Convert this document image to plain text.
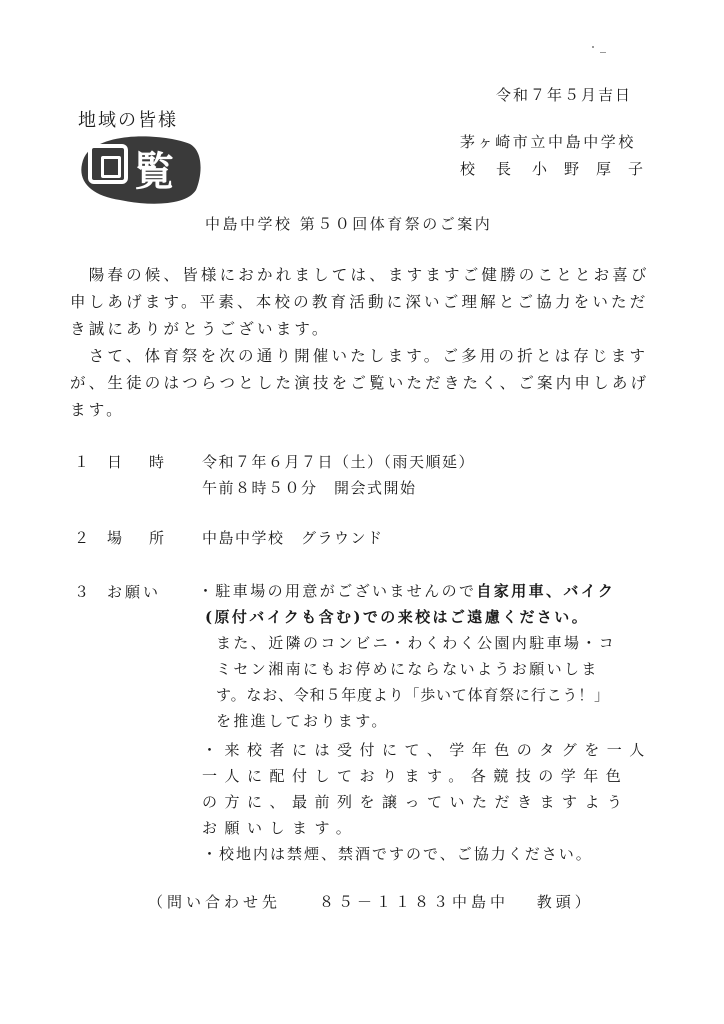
令和７年５月吉日
地域の皆様
覧
茅ヶ崎市立中島中学校
校　長 小　野　厚　子
中島中学校 第５０回体育祭のご案内
　陽春の候、皆様におかれましては、ますますご健勝のこととお喜び
申しあげます。平素、本校の教育活動に深いご理解とご協力をいただ
き誠にありがとうございます。
　さて、体育祭を次の通り開催いたします。ご多用の折とは存じます
が、生徒のはつらつとした演技をご覧いただきたく、ご案内申しあげ
ます。
１ 日　時 令和７年６月７日（土）（雨天順延）
午前８時５０分　開会式開始
２ 場　所 中島中学校　グラウンド
３ お願い ・駐車場の用意がございませんので自家用車、バイク
(原付バイクも含む)での来校はご遠慮ください。
また、近隣のコンビニ・わくわく公園内駐車場・コ
ミセン湘南にもお停めにならないようお願いしま
す。なお、令和５年度より「歩いて体育祭に行こう！」
を推進しております。
・来校者には受付にて、学年色のタグを一人
一人に配付しております。各競技の学年色
の方に、最前列を譲っていただきますよう
お願いします。
・校地内は禁煙、禁酒ですので、ご協力ください。
（問い合わせ先　　８５－１１８３中島中　 教頭）
